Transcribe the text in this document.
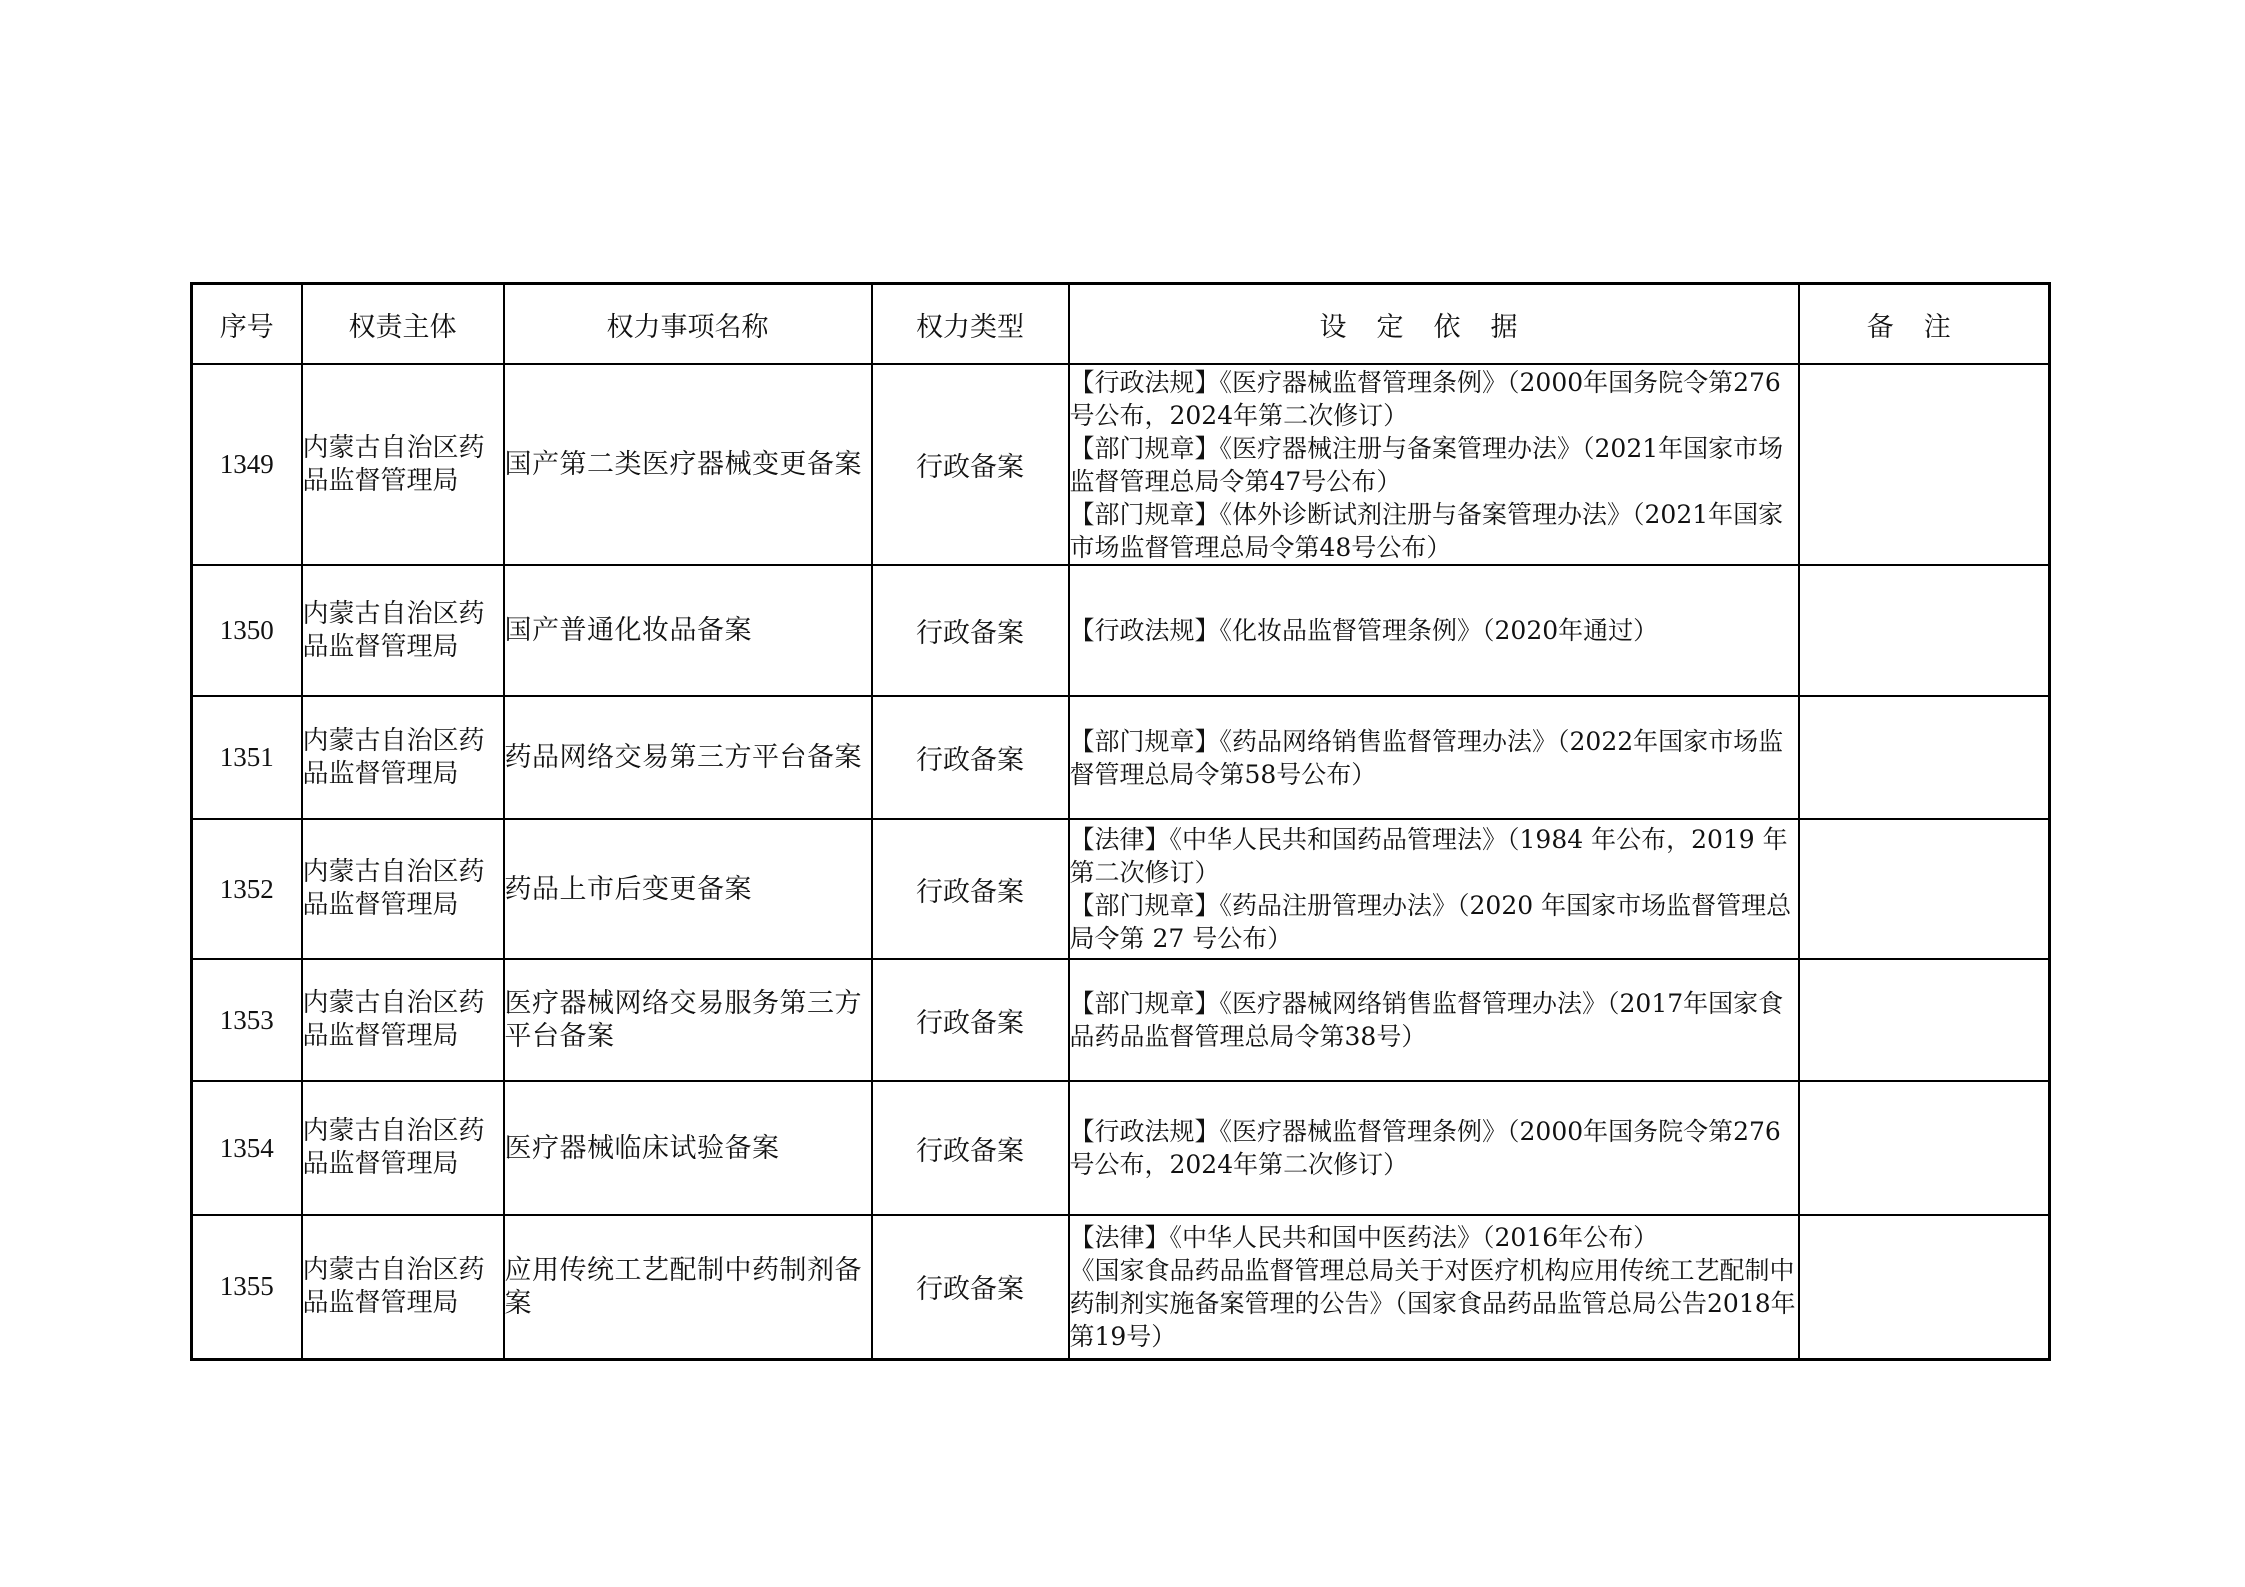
序号	权责主体	权力事项名称	权力类型	设定依据	备注
1349	内蒙古自治区药品监督管理局	国产第二类医疗器械变更备案	行政备案	【行政法规】《医疗器械监督管理条例》（2000年国务院令第276号公布，2024年第二次修订）
【部门规章】《医疗器械注册与备案管理办法》（2021年国家市场监督管理总局令第47号公布）
【部门规章】《体外诊断试剂注册与备案管理办法》（2021年国家市场监督管理总局令第48号公布）	

1350	内蒙古自治区药品监督管理局	国产普通化妆品备案	行政备案	【行政法规】《化妆品监督管理条例》（2020年通过）	

1351	内蒙古自治区药品监督管理局	药品网络交易第三方平台备案	行政备案	【部门规章】《药品网络销售监督管理办法》（2022年国家市场监督管理总局令第58号公布）	

1352	内蒙古自治区药品监督管理局	药品上市后变更备案	行政备案	【法律】《中华人民共和国药品管理法》（1984 年公布，2019 年第二次修订）
【部门规章】《药品注册管理办法》（2020 年国家市场监督管理总局令第 27 号公布）	

1353	内蒙古自治区药品监督管理局	医疗器械网络交易服务第三方平台备案	行政备案	【部门规章】《医疗器械网络销售监督管理办法》（2017年国家食品药品监督管理总局令第38号）	

1354	内蒙古自治区药品监督管理局	医疗器械临床试验备案	行政备案	【行政法规】《医疗器械监督管理条例》（2000年国务院令第276号公布，2024年第二次修订）	

1355	内蒙古自治区药品监督管理局	应用传统工艺配制中药制剂备案	行政备案	【法律】《中华人民共和国中医药法》（2016年公布）
《国家食品药品监督管理总局关于对医疗机构应用传统工艺配制中药制剂实施备案管理的公告》（国家食品药品监管总局公告2018年第19号）	
